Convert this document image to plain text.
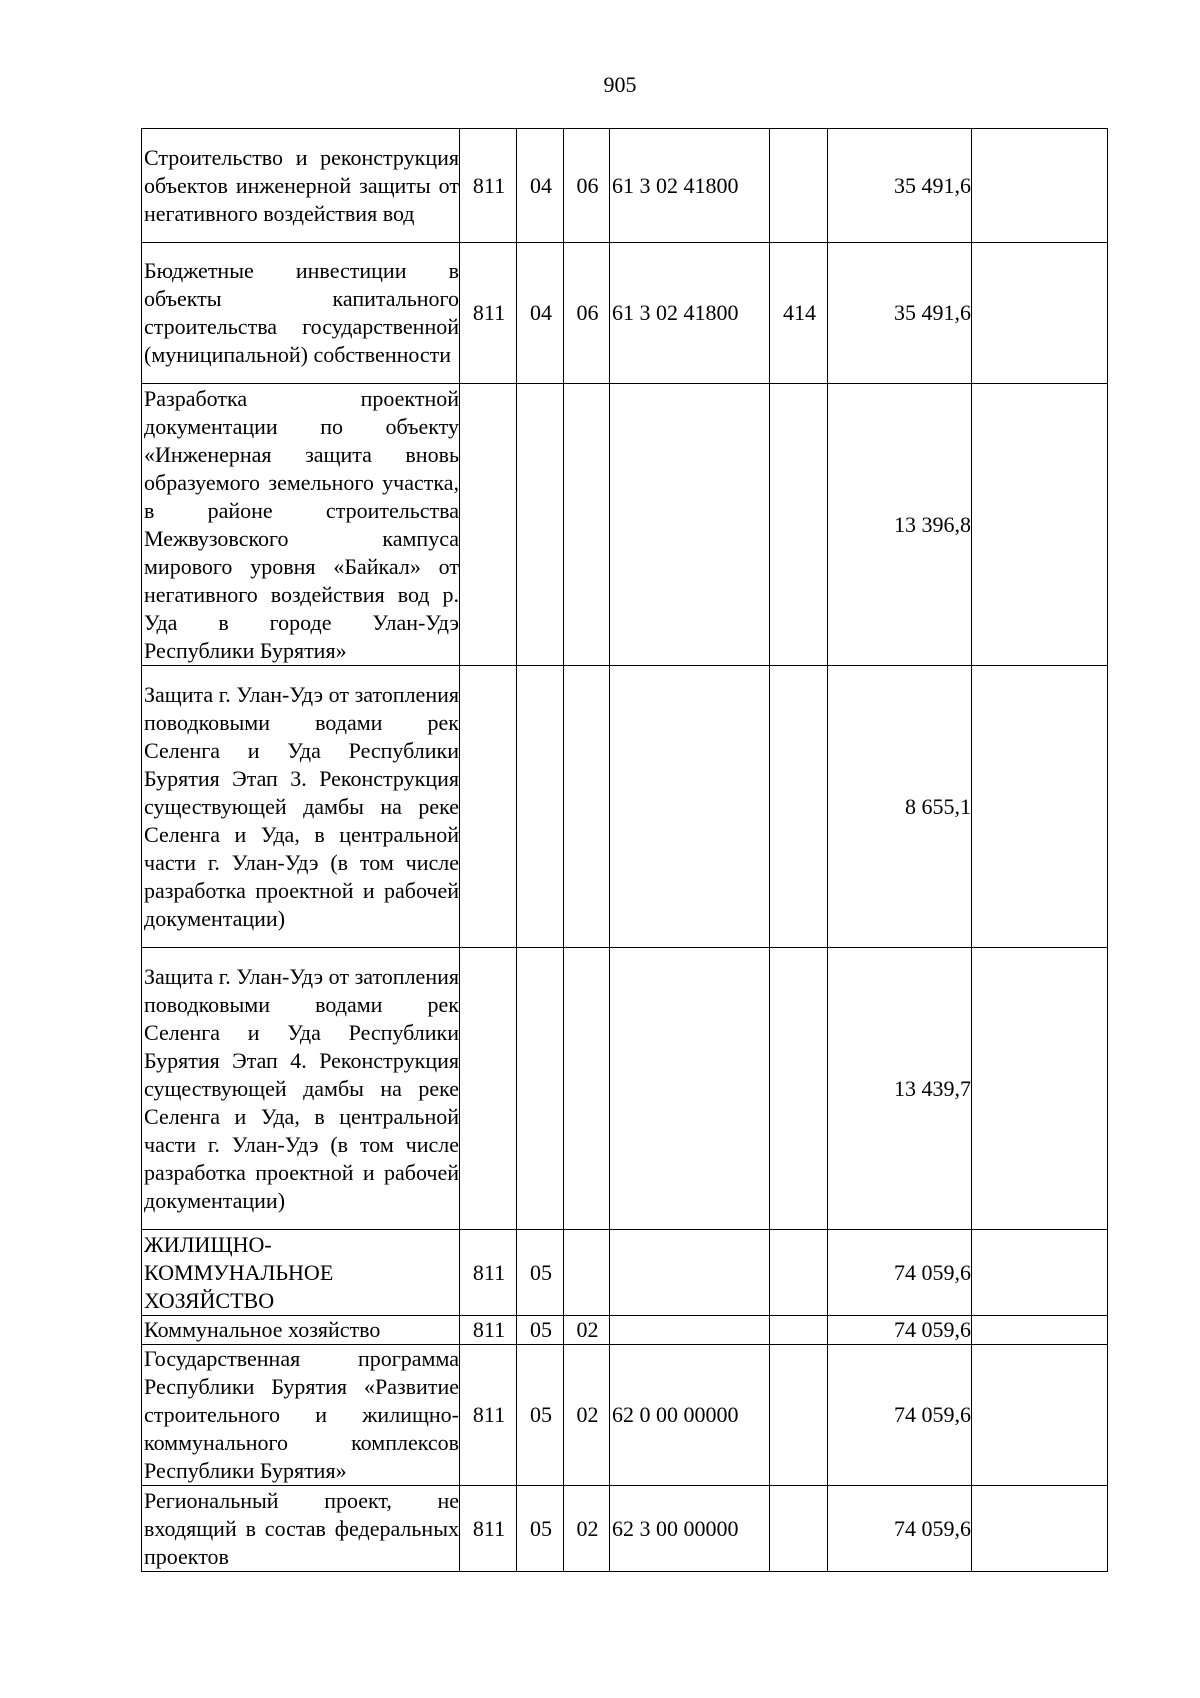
905
Строительство и реконструкция объектов инженерной защиты от негативного воздействия вод	811	04	06	61 3 02 41800		35 491,6	
Бюджетные инвестиции в объекты капитального строительства государственной (муниципальной) собственности	811	04	06	61 3 02 41800	414	35 491,6	
Разработка проектной документации по объекту «Инженерная защита вновь образуемого земельного участка, в районе строительства Межвузовского кампуса мирового уровня «Байкал» от негативного воздействия вод р. Уда в городе Улан-Удэ Республики Бурятия»						13 396,8	
Защита г. Улан-Удэ от затопления поводковыми водами рек Селенга и Уда Республики Бурятия Этап 3. Реконструкция существующей дамбы на реке Селенга и Уда, в центральной части г. Улан-Удэ (в том числе разработка проектной и рабочей документации)						8 655,1	
Защита г. Улан-Удэ от затопления поводковыми водами рек Селенга и Уда Республики Бурятия Этап 4. Реконструкция существующей дамбы на реке Селенга и Уда, в центральной части г. Улан-Удэ (в том числе разработка проектной и рабочей документации)						13 439,7	
ЖИЛИЩНО-КОММУНАЛЬНОЕ ХОЗЯЙСТВО	811	05				74 059,6	
Коммунальное хозяйство	811	05	02			74 059,6	
Государственная программа Республики Бурятия «Развитие строительного и жилищно-коммунального комплексов Республики Бурятия»	811	05	02	62 0 00 00000		74 059,6	
Региональный проект, не входящий в состав федеральных проектов	811	05	02	62 3 00 00000		74 059,6	
